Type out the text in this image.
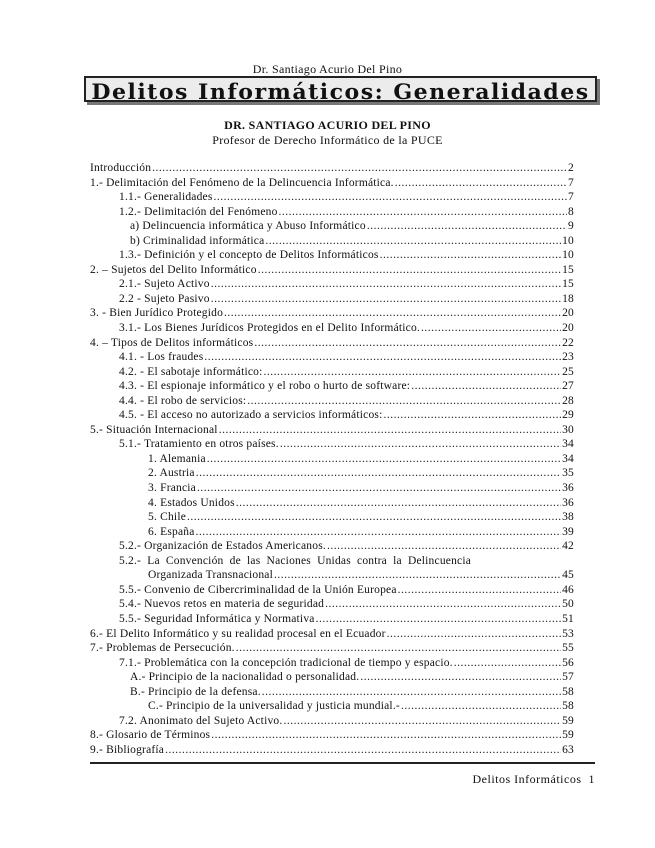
Dr. Santiago Acurio Del Pino
Delitos Informáticos: Generalidades
DR. SANTIAGO ACURIO DEL PINO
Profesor de Derecho Informático de la PUCE
Introducción .....	2
1.- Delimitación del Fenómeno de la Delincuencia Informática. .....	7
1.1.- Generalidades .....	7
1.2.- Delimitación del Fenómeno .....	8
a) Delincuencia informática y Abuso Informático .....	9
b) Criminalidad informática .....	10
1.3.- Definición y el concepto de Delitos Informáticos .....	10
2. – Sujetos del Delito Informático .....	15
2.1.- Sujeto Activo .....	15
2.2 - Sujeto Pasivo .....	18
3. - Bien Jurídico Protegido .....	20
3.1.- Los Bienes Jurídicos Protegidos en el Delito Informático. .....	20
4. – Tipos de Delitos informáticos .....	22
4.1. - Los fraudes .....	23
4.2. - El sabotaje informático: .....	25
4.3. - El espionaje informático y el robo o hurto de software: .....	27
4.4. - El robo de servicios: .....	28
4.5. - El acceso no autorizado a servicios informáticos: .....	29
5.- Situación Internacional .....	30
5.1.- Tratamiento en otros países. .....	34
1. Alemania .....	34
2. Austria .....	35
3. Francia .....	36
4. Estados Unidos .....	36
5. Chile .....	38
6. España .....	39
5.2.- Organización de Estados Americanos. .....	42
5.2.-  La  Convención  de  las  Naciones  Unidas  contra  la  Delincuencia
Organizada Transnacional .....	45
5.5.- Convenio de Cibercriminalidad de la Unión Europea .....	46
5.4.- Nuevos retos en materia de seguridad .....	50
5.5.- Seguridad Informática y Normativa .....	51
6.- El Delito Informático y su realidad procesal en el Ecuador .....	53
7.- Problemas de Persecución. .....	55
7.1.- Problemática con la concepción tradicional de tiempo y espacio. .....	56
A.- Principio de la nacionalidad o personalidad. .....	57
B.- Principio de la defensa. .....	58
C.- Principio de la universalidad y justicia mundial.- .....	58
7.2. Anonimato del Sujeto Activo. .....	59
8.- Glosario de Términos .....	59
9.- Bibliografía .....	63
Delitos Informáticos 1
